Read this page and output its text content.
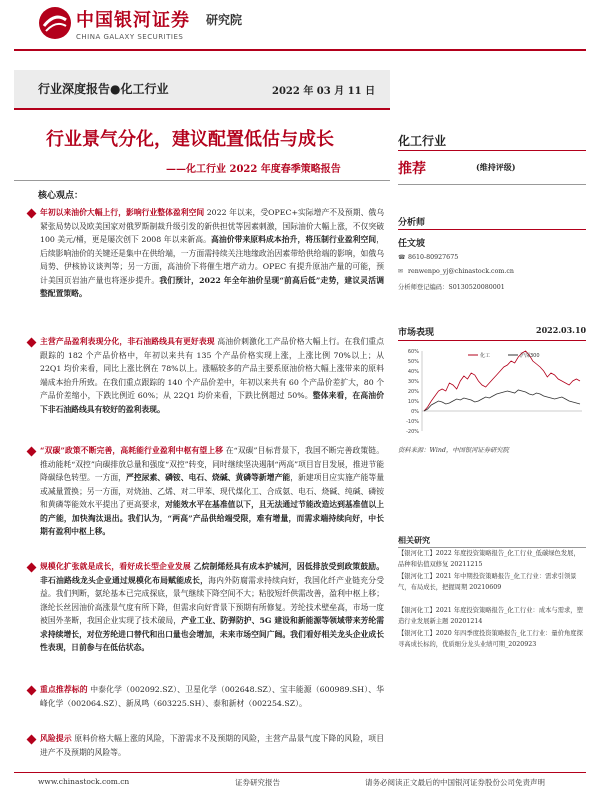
中国银河证券
CHINA GALAXY SECURITIES
研究院
行业深度报告●化工行业	2022 年 03 月 11 日
行业景气分化，建议配置低估与成长
——化工行业 2022 年度春季策略报告
化工行业
推荐	(维持评级)
核心观点：
年初以来油价大幅上行，影响行业整体盈利空间 2022 年以来，受OPEC+实际增产不及预期、俄乌紧张局势以及欧美国家对俄罗斯制裁升级引发的新供担忧等因素刺激，国际油价大幅上涨，不仅突破 100 美元/桶，更是屡次创下 2008 年以来新高。高油价带来原料成本抬升，将压制行业盈利空间，后续影响油价的关键还是集中在供给端，一方面需持续关注地缘政治因素带给供给端的影响，如俄乌局势、伊核协议谈判等；另一方面，高油价下将催生增产动力。OPEC 有提升原油产量的可能，预计美国页岩油产量也将逐步提升。我们预计，2022 年全年油价呈现“前高后低”走势，建议灵活调整配置策略。
主营产品盈利表现分化，非石油路线具有更好表现 高油价刺激化工产品价格大幅上行。在我们重点跟踪的 182 个产品价格中，年初以来共有 135 个产品价格实现上涨，上涨比例 70%以上；从 22Q1 均价来看，同比上涨比例在 78%以上。涨幅较多的产品主要系原油价格大幅上涨带来的原料端成本抬升所致。在我们重点跟踪的 140 个产品价差中，年初以来共有 60 个产品价差扩大，80 个产品价差缩小，下跌比例近 60%；从 22Q1 均价来看，下跌比例超过 50%。整体来看，在高油价下非石油路线具有较好的盈利表现。
“双碳”政策不断完善，高耗能行业盈利中枢有望上移 在“双碳”目标背景下，我国不断完善政策链。推动能耗“双控”向碳排放总量和强度“双控”转变，同时继续坚决遏制“两高”项目盲目发展，推进节能降碳绿色转型。一方面，严控尿素、磷铵、电石、烧碱、黄磷等新增产能，新建项目应实施产能等量或减量置换；另一方面，对烧油、乙烯、对二甲苯、现代煤化工、合成氨、电石、烧碱、纯碱、磷铵和黄磷等能效水平提出了更高要求，对能效水平在基准值以下，且无法通过节能改造达到基准值以上的产能，加快淘汰退出。我们认为，“两高”产品供给端受限，难有增量，而需求端持续向好，中长期有盈利中枢上移。
规模化扩张就是成长，看好成长型企业发展 乙烷制烯烃具有成本护城河，因低排放受到政策鼓励。非石油路线龙头企业通过规模化布局赋能成长，海内外防腐需求持续向好，我国化纤产业链充分受益。我们判断，氨纶基本已完成探底，景气继续下降空间不大；粘胶短纤供需改善，盈利中枢上移；涤纶长丝因油价高涨景气度有所下降，但需求向好背景下预期有所修复。芳纶技术壁垒高，市场一度被国外垄断，我国企业实现了技术破局，产业工业、防弹防护、5G 建设和新能源等领域带来芳纶需求持续增长，对位芳纶进口替代和出口量也会增加，未来市场空间广阔。我们看好相关龙头企业成长性表现，日前参与在低估状态。
重点推荐标的 中泰化学（002092.SZ）、卫星化学（002648.SZ）、宝丰能源（600989.SH）、华峰化学（002064.SZ）、新凤鸣（603225.SH）、泰和新材（002254.SZ）。
风险提示 原料价格大幅上涨的风险，下游需求不及预期的风险，主营产品景气度下降的风险，项目进产不及预期的风险等。
分析师
任文坡
☎ 8610-80927675
✉ renwenpo_yj@chinastock.com.cn
分析师登记编码：S0130520080001
市场表现	2022.03.10
60%
50%
40%
30%
20%
10%
0%
-10%
-20%
化工	沪深300
资料来源：Wind，中国银河证券研究院
相关研究
【银河化工】2022 年度投资策略报告_化工行业_低碳绿色发展，品种和估值双修复 20211215
【银河化工】2021 年中期投资策略报告_化工行业：需求引领景气，布局成长，把握周期 20210609
【银河化工】2021 年度投资策略报告_化工行业：成本与需求，塑造行业发展新主题 20201214
【银河化工】2020 年四季度投资策略报告_化工行业：量价角度探寻高成长标的，优质细分龙头业绩可期_2020923
www.chinastock.com.cn	证券研究报告	请务必阅读正文最后的中国银河证券股份公司免责声明
